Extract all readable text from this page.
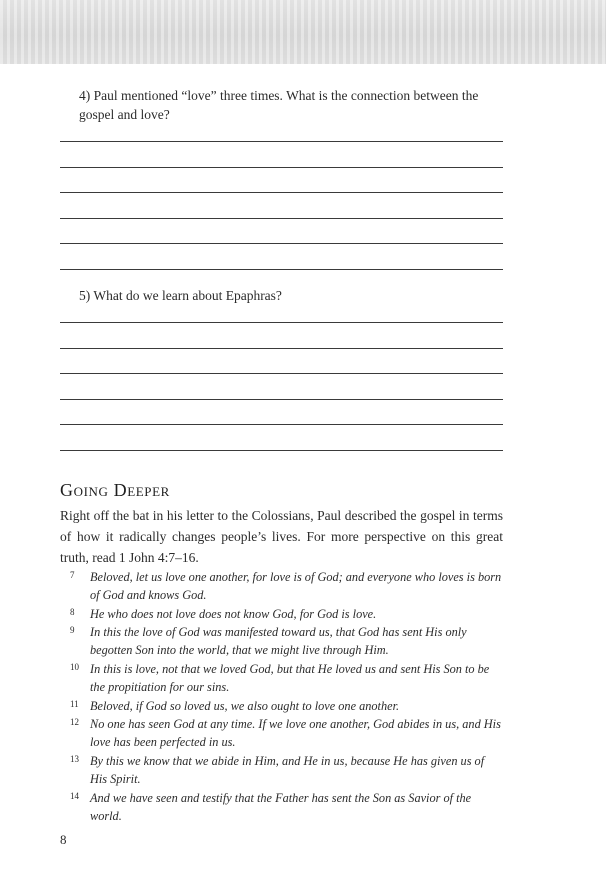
4) Paul mentioned “love” three times. What is the connection between the gospel and love?
5) What do we learn about Epaphras?
Going Deeper
Right off the bat in his letter to the Colossians, Paul described the gospel in terms of how it radically changes people’s lives. For more perspective on this great truth, read 1 John 4:7–16.
7 Beloved, let us love one another, for love is of God; and everyone who loves is born of God and knows God.
8 He who does not love does not know God, for God is love.
9 In this the love of God was manifested toward us, that God has sent His only begotten Son into the world, that we might live through Him.
10 In this is love, not that we loved God, but that He loved us and sent His Son to be the propitiation for our sins.
11 Beloved, if God so loved us, we also ought to love one another.
12 No one has seen God at any time. If we love one another, God abides in us, and His love has been perfected in us.
13 By this we know that we abide in Him, and He in us, because He has given us of His Spirit.
14 And we have seen and testify that the Father has sent the Son as Savior of the world.
8
